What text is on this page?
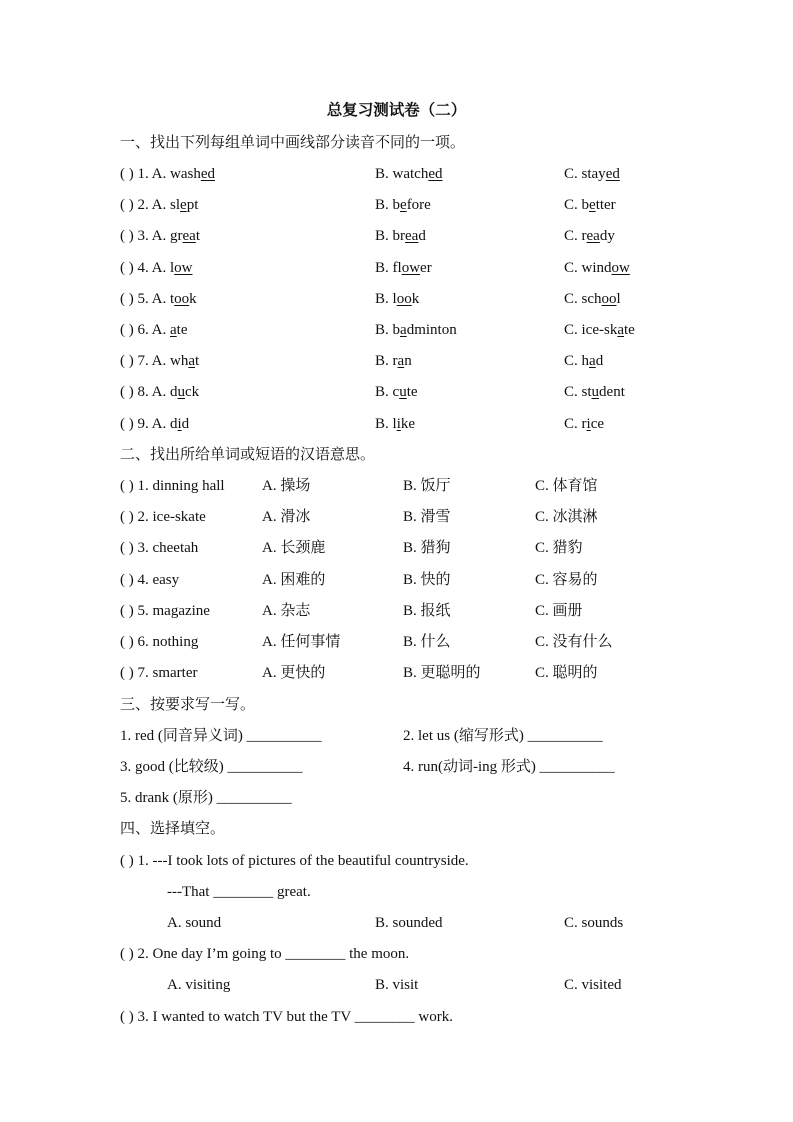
总复习测试卷（二）
一、找出下列每组单词中画线部分读音不同的一项。
( ) 1. A. washed	B. watched	C. stayed
( ) 2. A. slept	B. before	C. better
( ) 3. A. great	B. bread	C. ready
( ) 4. A. low	B. flower	C. window
( ) 5. A. took	B. look	C. school
( ) 6. A. ate	B. badminton	C. ice-skate
( ) 7. A. what	B. ran	C. had
( ) 8. A. duck	B. cute	C. student
( ) 9. A. did	B. like	C. rice
二、找出所给单词或短语的汉语意思。
( ) 1. dinning hall A. 操场	B. 饭厅	C. 体育馆
( ) 2. ice-skate	A. 滑冰	B. 滑雪	C. 冰淇淋
( ) 3. cheetah	A. 长颈鹿	B. 猎狗	C. 猎豹
( ) 4. easy	A. 困难的	B. 快的	C. 容易的
( ) 5. magazine	A. 杂志	B. 报纸	C. 画册
( ) 6. nothing	A. 任何事情	B. 什么	C. 没有什么
( ) 7. smarter	A. 更快的	B. 更聪明的	C. 聪明的
三、按要求写一写。
1. red (同音异义词) __________	2. let us (缩写形式) __________
3. good (比较级) __________	4. run(动词-ing 形式) __________
5. drank (原形) __________
四、选择填空。
( ) 1. ---I took lots of pictures of the beautiful countryside.
---That ________ great.
A. sound	B. sounded	C. sounds
( ) 2. One day I’m going to ________ the moon.
A. visiting	B. visit	C. visited
( ) 3. I wanted to watch TV but the TV ________ work.
